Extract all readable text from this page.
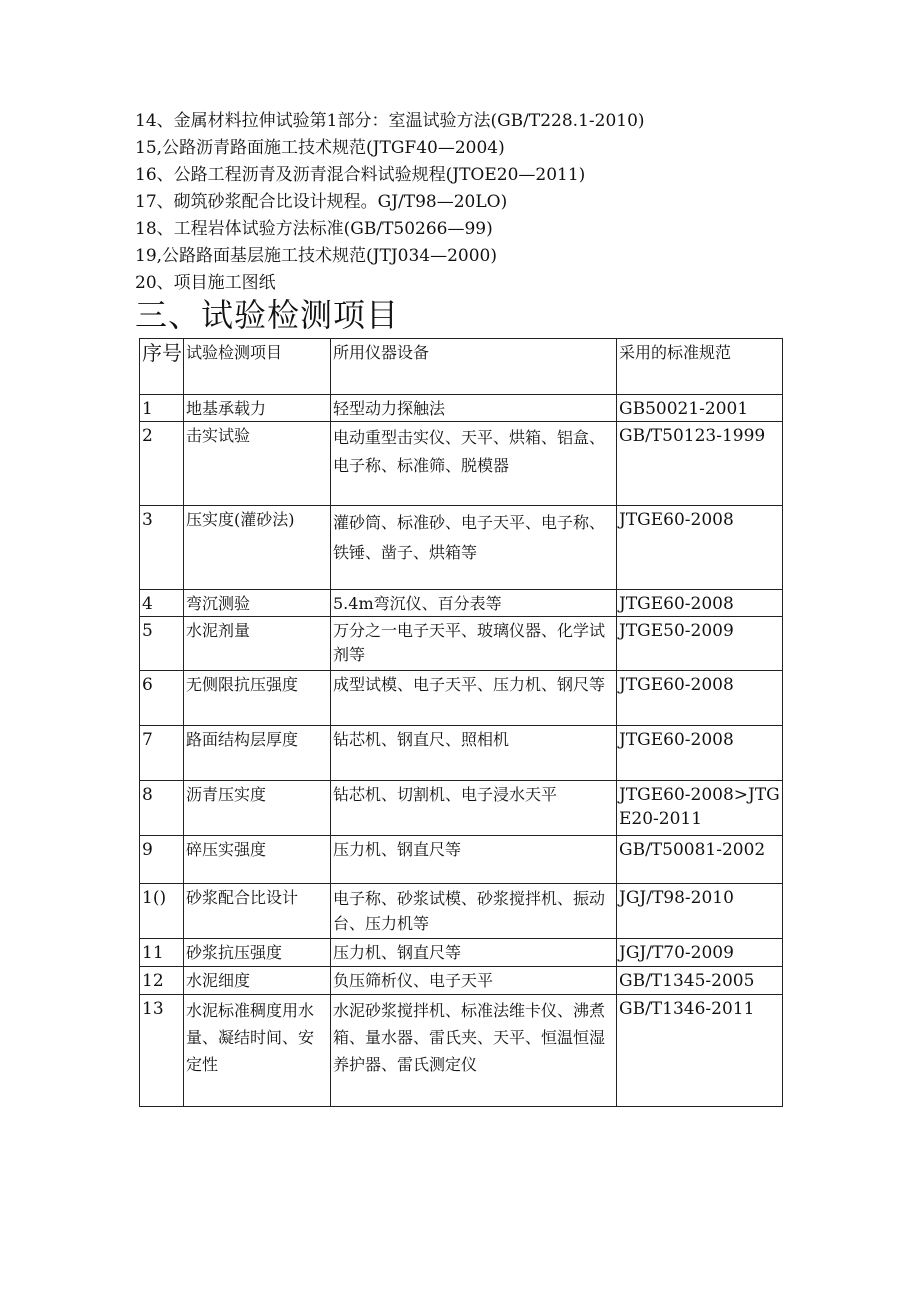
14、金属材料拉伸试验第1部分：室温试验方法(GB/T228.1-2010)
15,公路沥青路面施工技术规范(JTGF40—2004)
16、公路工程沥青及沥青混合料试验规程(JTOE20—2011)
17、砌筑砂浆配合比设计规程。GJ/T98—20LO)
18、工程岩体试验方法标准(GB/T50266—99)
19,公路路面基层施工技术规范(JTJ034—2000)
20、项目施工图纸
三、试验检测项目
序号	试验检测项目	所用仪器设备	采用的标准规范
1	地基承载力	轻型动力探触法	GB50021-2001
2	击实试验	电动重型击实仪、天平、烘箱、铝盒、电子称、标准筛、脱模器	GB/T50123-1999
3	压实度(灌砂法)	灌砂筒、标准砂、电子天平、电子称、铁锤、凿子、烘箱等	JTGE60-2008
4	弯沉测验	5.4m弯沉仪、百分表等	JTGE60-2008
5	水泥剂量	万分之一电子天平、玻璃仪器、化学试剂等	JTGE50-2009
6	无侧限抗压强度	成型试模、电子天平、压力机、钢尺等	JTGE60-2008
7	路面结构层厚度	钻芯机、钢直尺、照相机	JTGE60-2008
8	沥青压实度	钻芯机、切割机、电子浸水天平	JTGE60-2008>JTGE20-2011
9	碎压实强度	压力机、钢直尺等	GB/T50081-2002
1()	砂浆配合比设计	电子称、砂浆试模、砂浆搅拌机、振动台、压力机等	JGJ/T98-2010
11	砂浆抗压强度	压力机、钢直尺等	JGJ/T70-2009
12	水泥细度	负压筛析仪、电子天平	GB/T1345-2005
13	水泥标准稠度用水量、凝结时间、安定性	水泥砂浆搅拌机、标准法维卡仪、沸煮箱、量水器、雷氏夹、天平、恒温恒湿养护器、雷氏测定仪	GB/T1346-2011
